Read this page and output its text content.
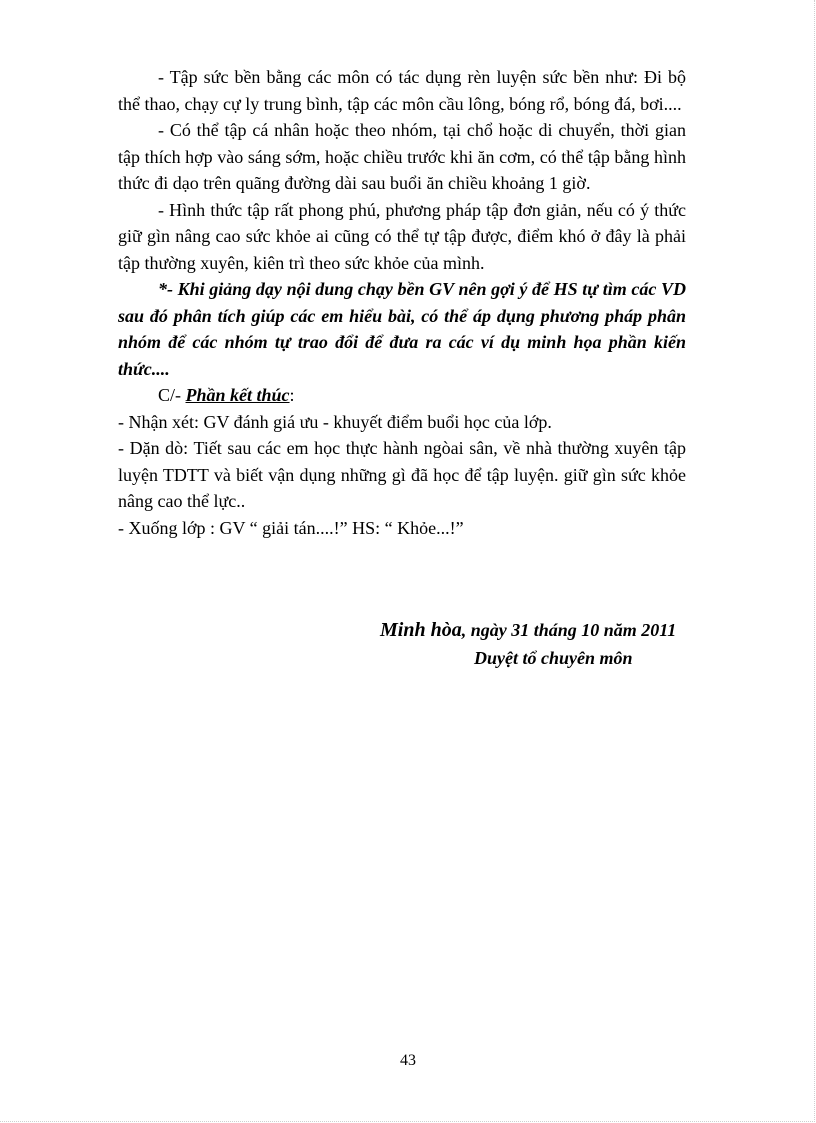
- Tập sức bền bằng các môn có tác dụng rèn luyện sức bền như: Đi bộ thể thao, chạy cự ly trung bình, tập các môn cầu lông, bóng rổ, bóng đá, bơi....

- Có thể tập cá nhân hoặc theo nhóm, tại chổ hoặc di chuyển, thời gian tập thích hợp vào sáng sớm, hoặc chiều trước khi ăn cơm, có thể tập bằng hình thức đi dạo trên quãng đường dài sau buổi ăn chiều khoảng 1 giờ.

- Hình thức tập rất phong phú, phương pháp tập đơn giản, nếu có ý thức giữ gìn nâng cao sức khỏe ai cũng có thể tự tập được, điểm khó ở đây là phải tập thường xuyên, kiên trì theo sức khỏe của mình.

*- Khi giảng dạy nội dung chạy bền GV nên gợi ý để HS tự tìm các VD sau đó phân tích giúp các em hiểu bài, có thể áp dụng phương pháp phân nhóm để các nhóm tự trao đổi để đưa ra các ví dụ minh họa phần kiến thức....

C/- Phần kết thúc:

- Nhận xét: GV đánh giá ưu - khuyết điểm buổi học của lớp.

- Dặn dò: Tiết sau các em học thực hành ngòai sân, về nhà thường xuyên tập luyện TDTT và biết vận dụng những gì đã học để tập luyện. giữ gìn sức khỏe nâng cao thể lực..

- Xuống lớp : GV “ giải tán....!” HS: “ Khỏe...!”

Minh hòa, ngày 31 tháng 10 năm 2011
Duyệt tổ chuyên môn
43
